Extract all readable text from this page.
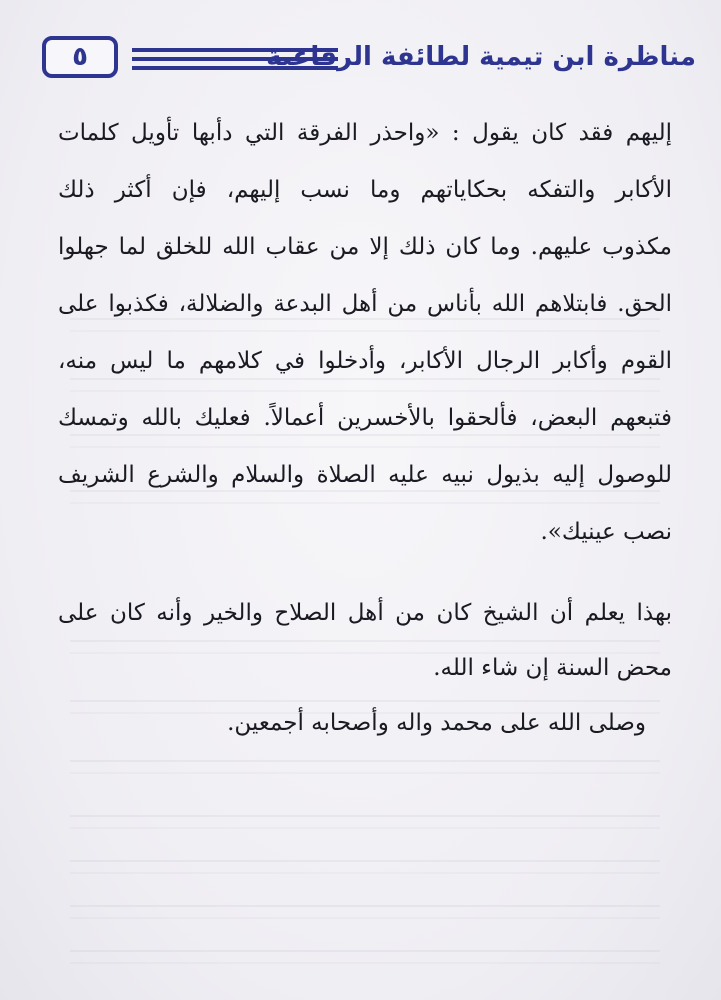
٥	مناظرة ابن تيمية لطائفة الرفاعية
إليهم فقد كان يقول : «واحذر الفرقة التي دأبها تأويل كلمات
الأكابر والتفكه بحكاياتهم وما نسب إليهم، فإن أكثر ذلك
مكذوب عليهم. وما كان ذلك إلا من عقاب الله للخلق لما جهلوا
الحق. فابتلاهم الله بأناس من أهل البدعة والضلالة، فكذبوا على
القوم وأكابر الرجال الأكابر، وأدخلوا في كلامهم ما ليس منه،
فتبعهم البعض، فألحقوا بالأخسرين أعمالاً. فعليك بالله وتمسك
للوصول إليه بذيول نبيه عليه الصلاة والسلام والشرع الشريف
نصب عينيك».
بهذا يعلم أن الشيخ كان من أهل الصلاح والخير وأنه كان على
محض السنة إن شاء الله.
وصلى الله على محمد واله وأصحابه أجمعين.
